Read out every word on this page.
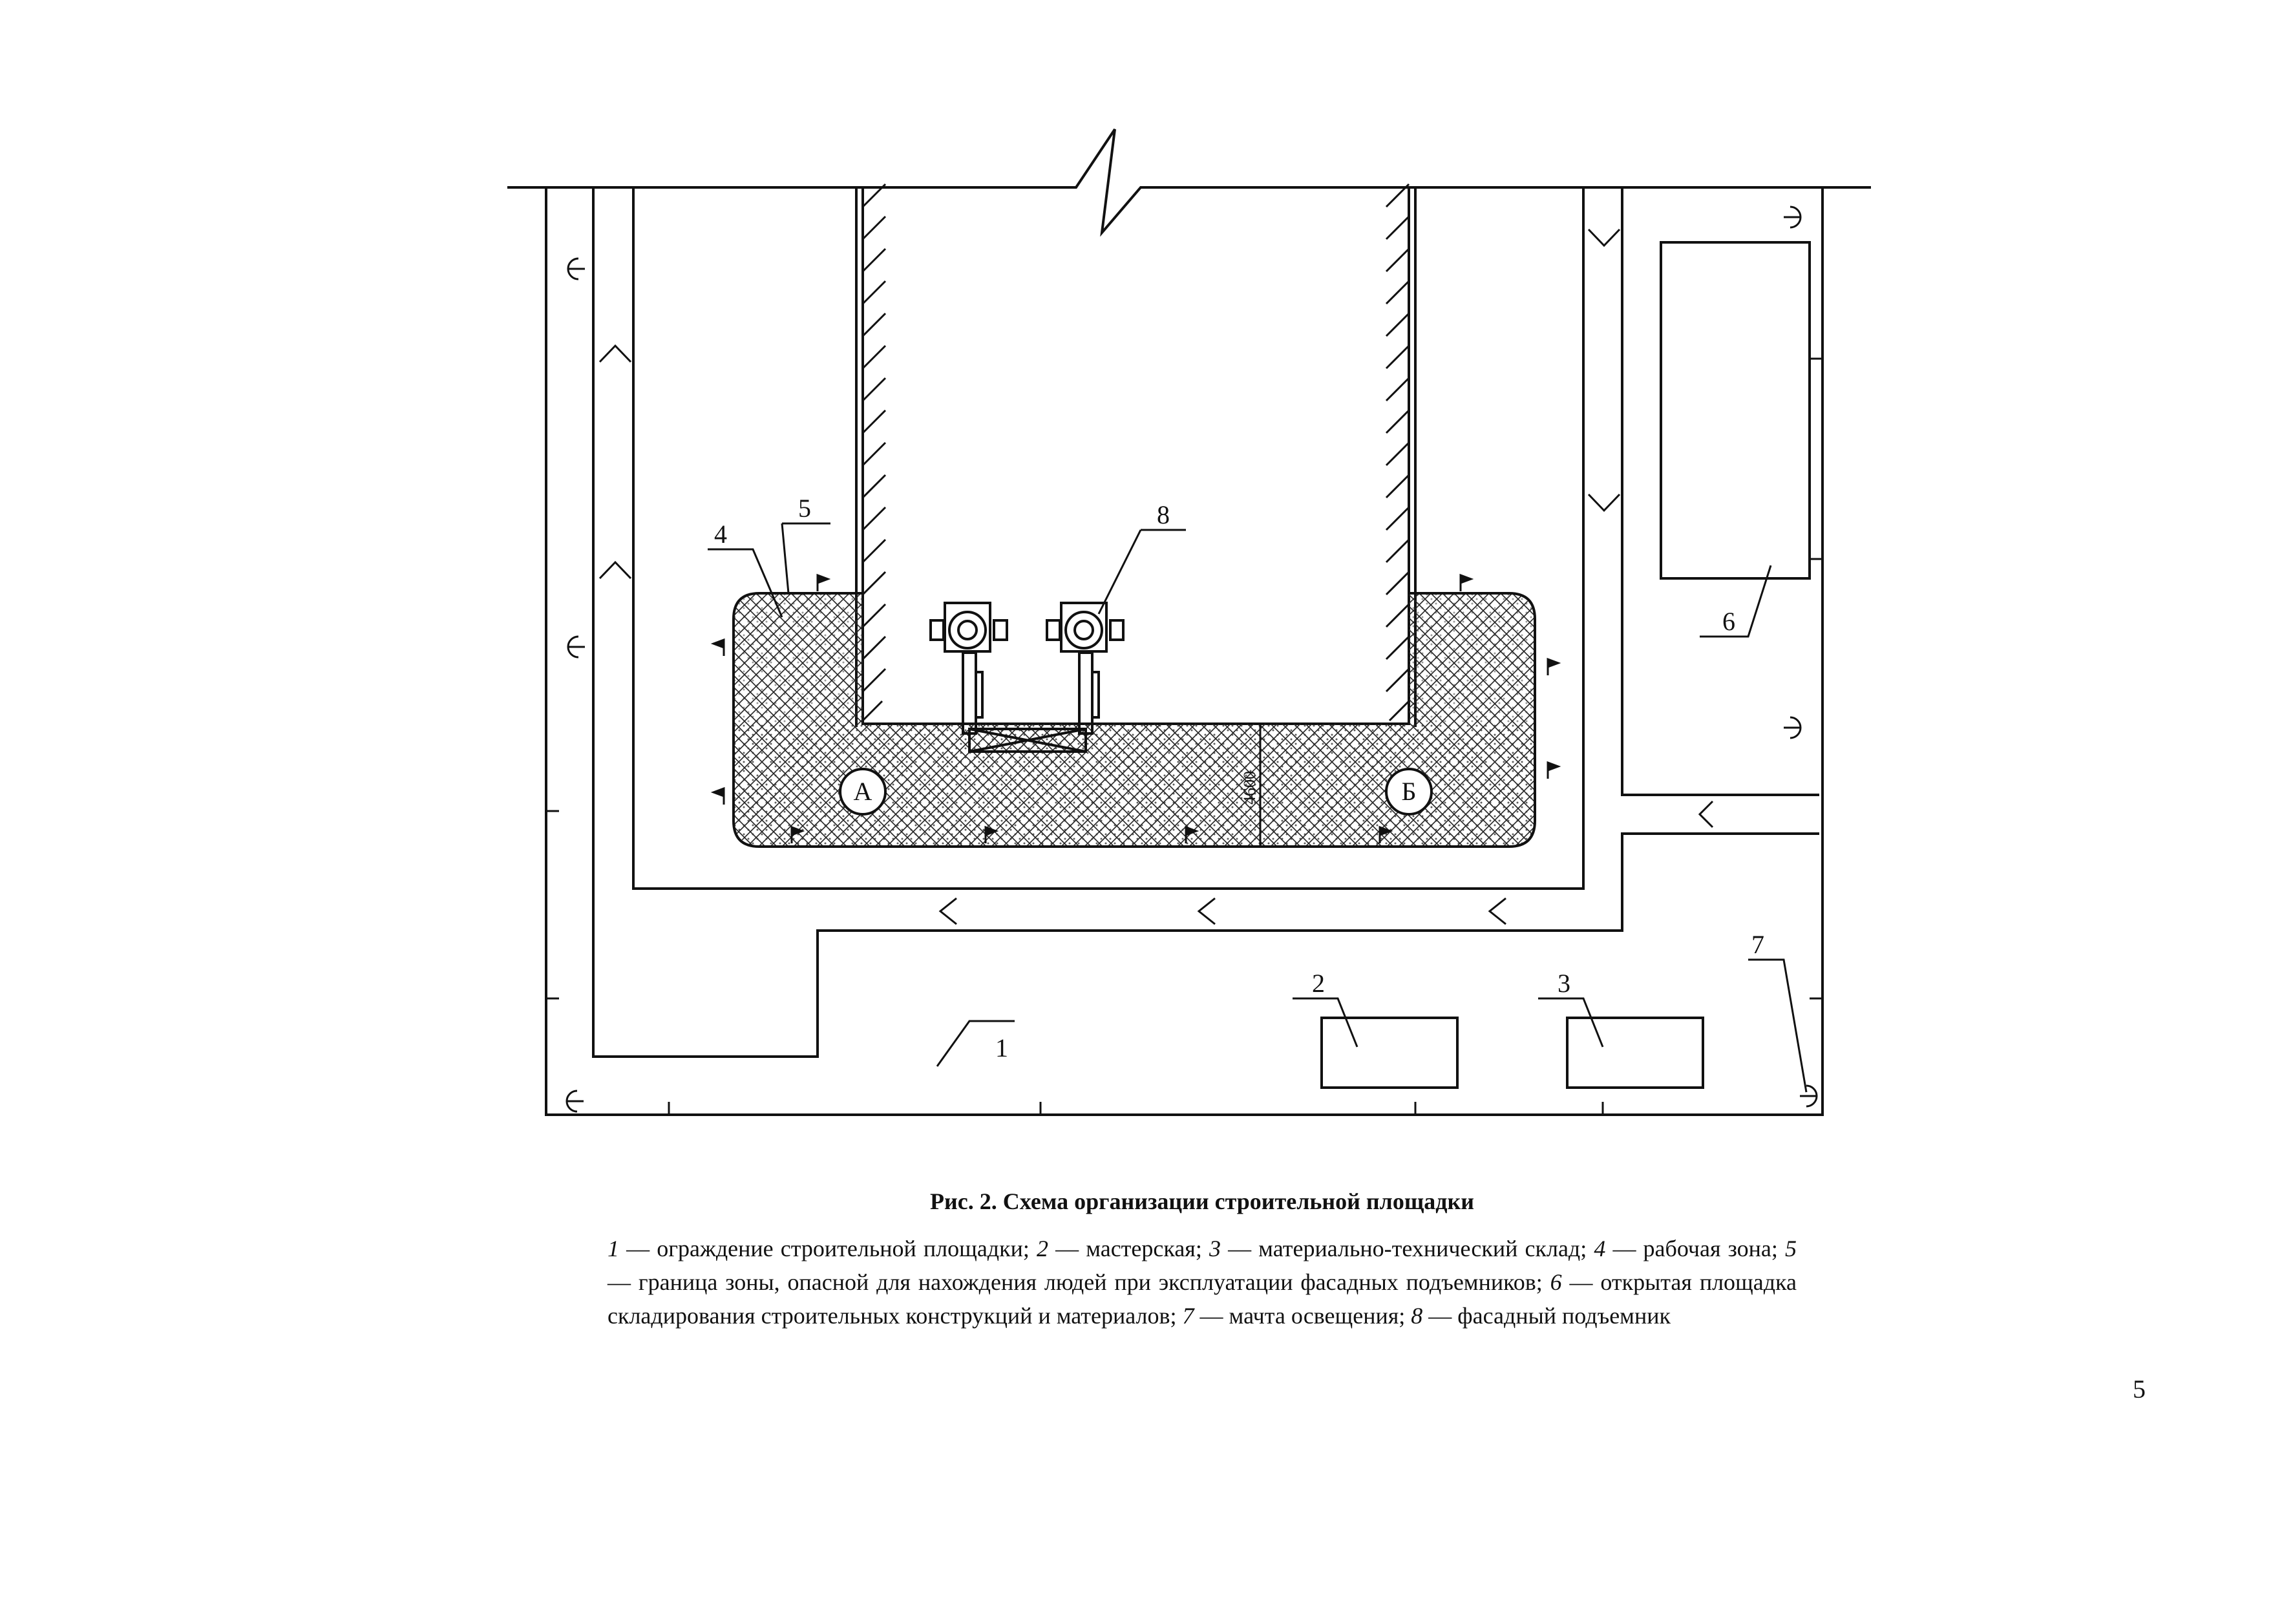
4600
А	Б
1
2	3
4
5
6
7
8
Рис. 2. Схема организации строительной площадки
1 — ограждение строительной площадки; 2 — мастерская; 3 — материально-технический склад; 4 — рабочая зона; 5 — граница зоны, опасной для нахождения людей при эксплуатации фасадных подъемников; 6 — открытая площадка складирования строительных конструкций и материалов; 7 — мачта освещения; 8 — фасадный подъемник
5
